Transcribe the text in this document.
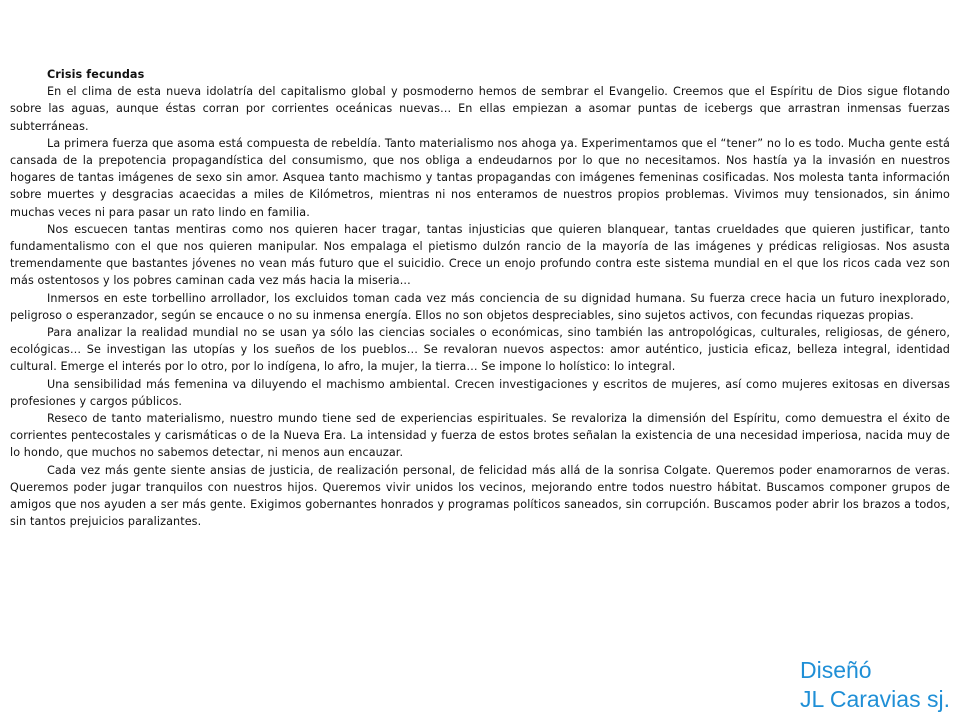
Crisis fecundas

En el clima de esta nueva idolatría del capitalismo global y posmoderno hemos de sembrar el Evangelio. Creemos que el Espíritu de Dios sigue flotando sobre las aguas, aunque éstas corran por corrientes oceánicas nuevas… En ellas empiezan a asomar puntas de icebergs que arrastran inmensas fuerzas subterráneas.

La primera fuerza que asoma está compuesta de rebeldía. Tanto materialismo nos ahoga ya. Experimentamos que el “tener” no lo es todo. Mucha gente está cansada de la prepotencia propagandística del consumismo, que nos obliga a endeudarnos por lo que no necesitamos. Nos hastía ya la invasión en nuestros hogares de tantas imágenes de sexo sin amor. Asquea tanto machismo y tantas propagandas con imágenes femeninas cosificadas. Nos molesta tanta información sobre muertes y desgracias acaecidas a miles de Kilómetros, mientras ni nos enteramos de nuestros propios problemas. Vivimos muy tensionados, sin ánimo muchas veces ni para pasar un rato lindo en familia.

Nos escuecen tantas mentiras como nos quieren hacer tragar, tantas injusticias que quieren blanquear, tantas crueldades que quieren justificar, tanto fundamentalismo con el que nos quieren manipular. Nos empalaga el pietismo dulzón rancio de la mayoría de las imágenes y prédicas religiosas. Nos asusta tremendamente que bastantes jóvenes no vean más futuro que el suicidio. Crece un enojo profundo contra este sistema mundial en el que los ricos cada vez son más ostentosos y los pobres caminan cada vez más hacia la miseria...

Inmersos en este torbellino arrollador, los excluidos toman cada vez más conciencia de su dignidad humana. Su fuerza crece hacia un futuro inexplorado, peligroso o esperanzador, según se encauce o no su inmensa energía. Ellos no son objetos despreciables, sino sujetos activos, con fecundas riquezas propias.

Para analizar la realidad mundial no se usan ya sólo las ciencias sociales o económicas, sino también las antropológicas, culturales, religiosas, de género, ecológicas… Se investigan las utopías y los sueños de los pueblos… Se revaloran nuevos aspectos: amor auténtico, justicia eficaz, belleza integral, identidad cultural. Emerge el interés por lo otro, por lo indígena, lo afro, la mujer, la tierra… Se impone lo holístico: lo integral.

Una sensibilidad más femenina va diluyendo el machismo ambiental. Crecen investigaciones y escritos de mujeres, así como mujeres exitosas en diversas profesiones y cargos públicos.

Reseco de tanto materialismo, nuestro mundo tiene sed de experiencias espirituales. Se revaloriza la dimensión del Espíritu, como demuestra el éxito de corrientes pentecostales y carismáticas o de la Nueva Era. La intensidad y fuerza de estos brotes señalan la existencia de una necesidad imperiosa, nacida muy de lo hondo, que muchos no sabemos detectar, ni menos aun encauzar.

Cada vez más gente siente ansias de justicia, de realización personal, de felicidad más allá de la sonrisa Colgate. Queremos poder enamorarnos de veras. Queremos poder jugar tranquilos con nuestros hijos. Queremos vivir unidos los vecinos, mejorando entre todos nuestro hábitat. Buscamos componer grupos de amigos que nos ayuden a ser más gente. Exigimos gobernantes honrados y programas políticos saneados, sin corrupción. Buscamos poder abrir los brazos a todos, sin tantos prejuicios paralizantes.

Diseñó
JL Caravias sj.
